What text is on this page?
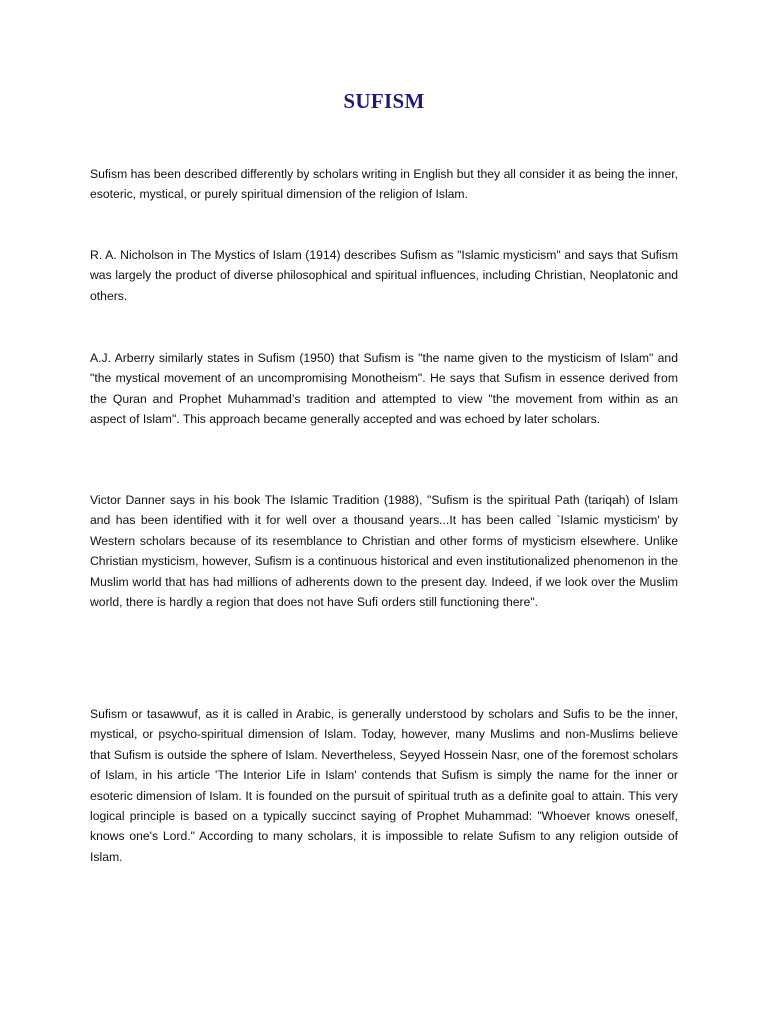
SUFISM

Sufism has been described differently by scholars writing in English but they all consider it as being the inner, esoteric, mystical, or purely spiritual dimension of the religion of Islam.

R. A. Nicholson in The Mystics of Islam (1914) describes Sufism as "Islamic mysticism" and says that Sufism was largely the product of diverse philosophical and spiritual influences, including Christian, Neoplatonic and others.

A.J. Arberry similarly states in Sufism (1950) that Sufism is "the name given to the mysticism of Islam" and "the mystical movement of an uncompromising Monotheism". He says that Sufism in essence derived from the Quran and Prophet Muhammad’s tradition and attempted to view "the movement from within as an aspect of Islam". This approach became generally accepted and was echoed by later scholars.

Victor Danner says in his book The Islamic Tradition (1988), "Sufism is the spiritual Path (tariqah) of Islam and has been identified with it for well over a thousand years...It has been called `Islamic mysticism' by Western scholars because of its resemblance to Christian and other forms of mysticism elsewhere. Unlike Christian mysticism, however, Sufism is a continuous historical and even institutionalized phenomenon in the Muslim world that has had millions of adherents down to the present day. Indeed, if we look over the Muslim world, there is hardly a region that does not have Sufi orders still functioning there".

Sufism or tasawwuf, as it is called in Arabic, is generally understood by scholars and Sufis to be the inner, mystical, or psycho-spiritual dimension of Islam. Today, however, many Muslims and non-Muslims believe that Sufism is outside the sphere of Islam. Nevertheless, Seyyed Hossein Nasr, one of the foremost scholars of Islam, in his article 'The Interior Life in Islam' contends that Sufism is simply the name for the inner or esoteric dimension of Islam. It is founded on the pursuit of spiritual truth as a definite goal to attain. This very logical principle is based on a typically succinct saying of Prophet Muhammad: "Whoever knows oneself, knows one's Lord." According to many scholars, it is impossible to relate Sufism to any religion outside of Islam.
